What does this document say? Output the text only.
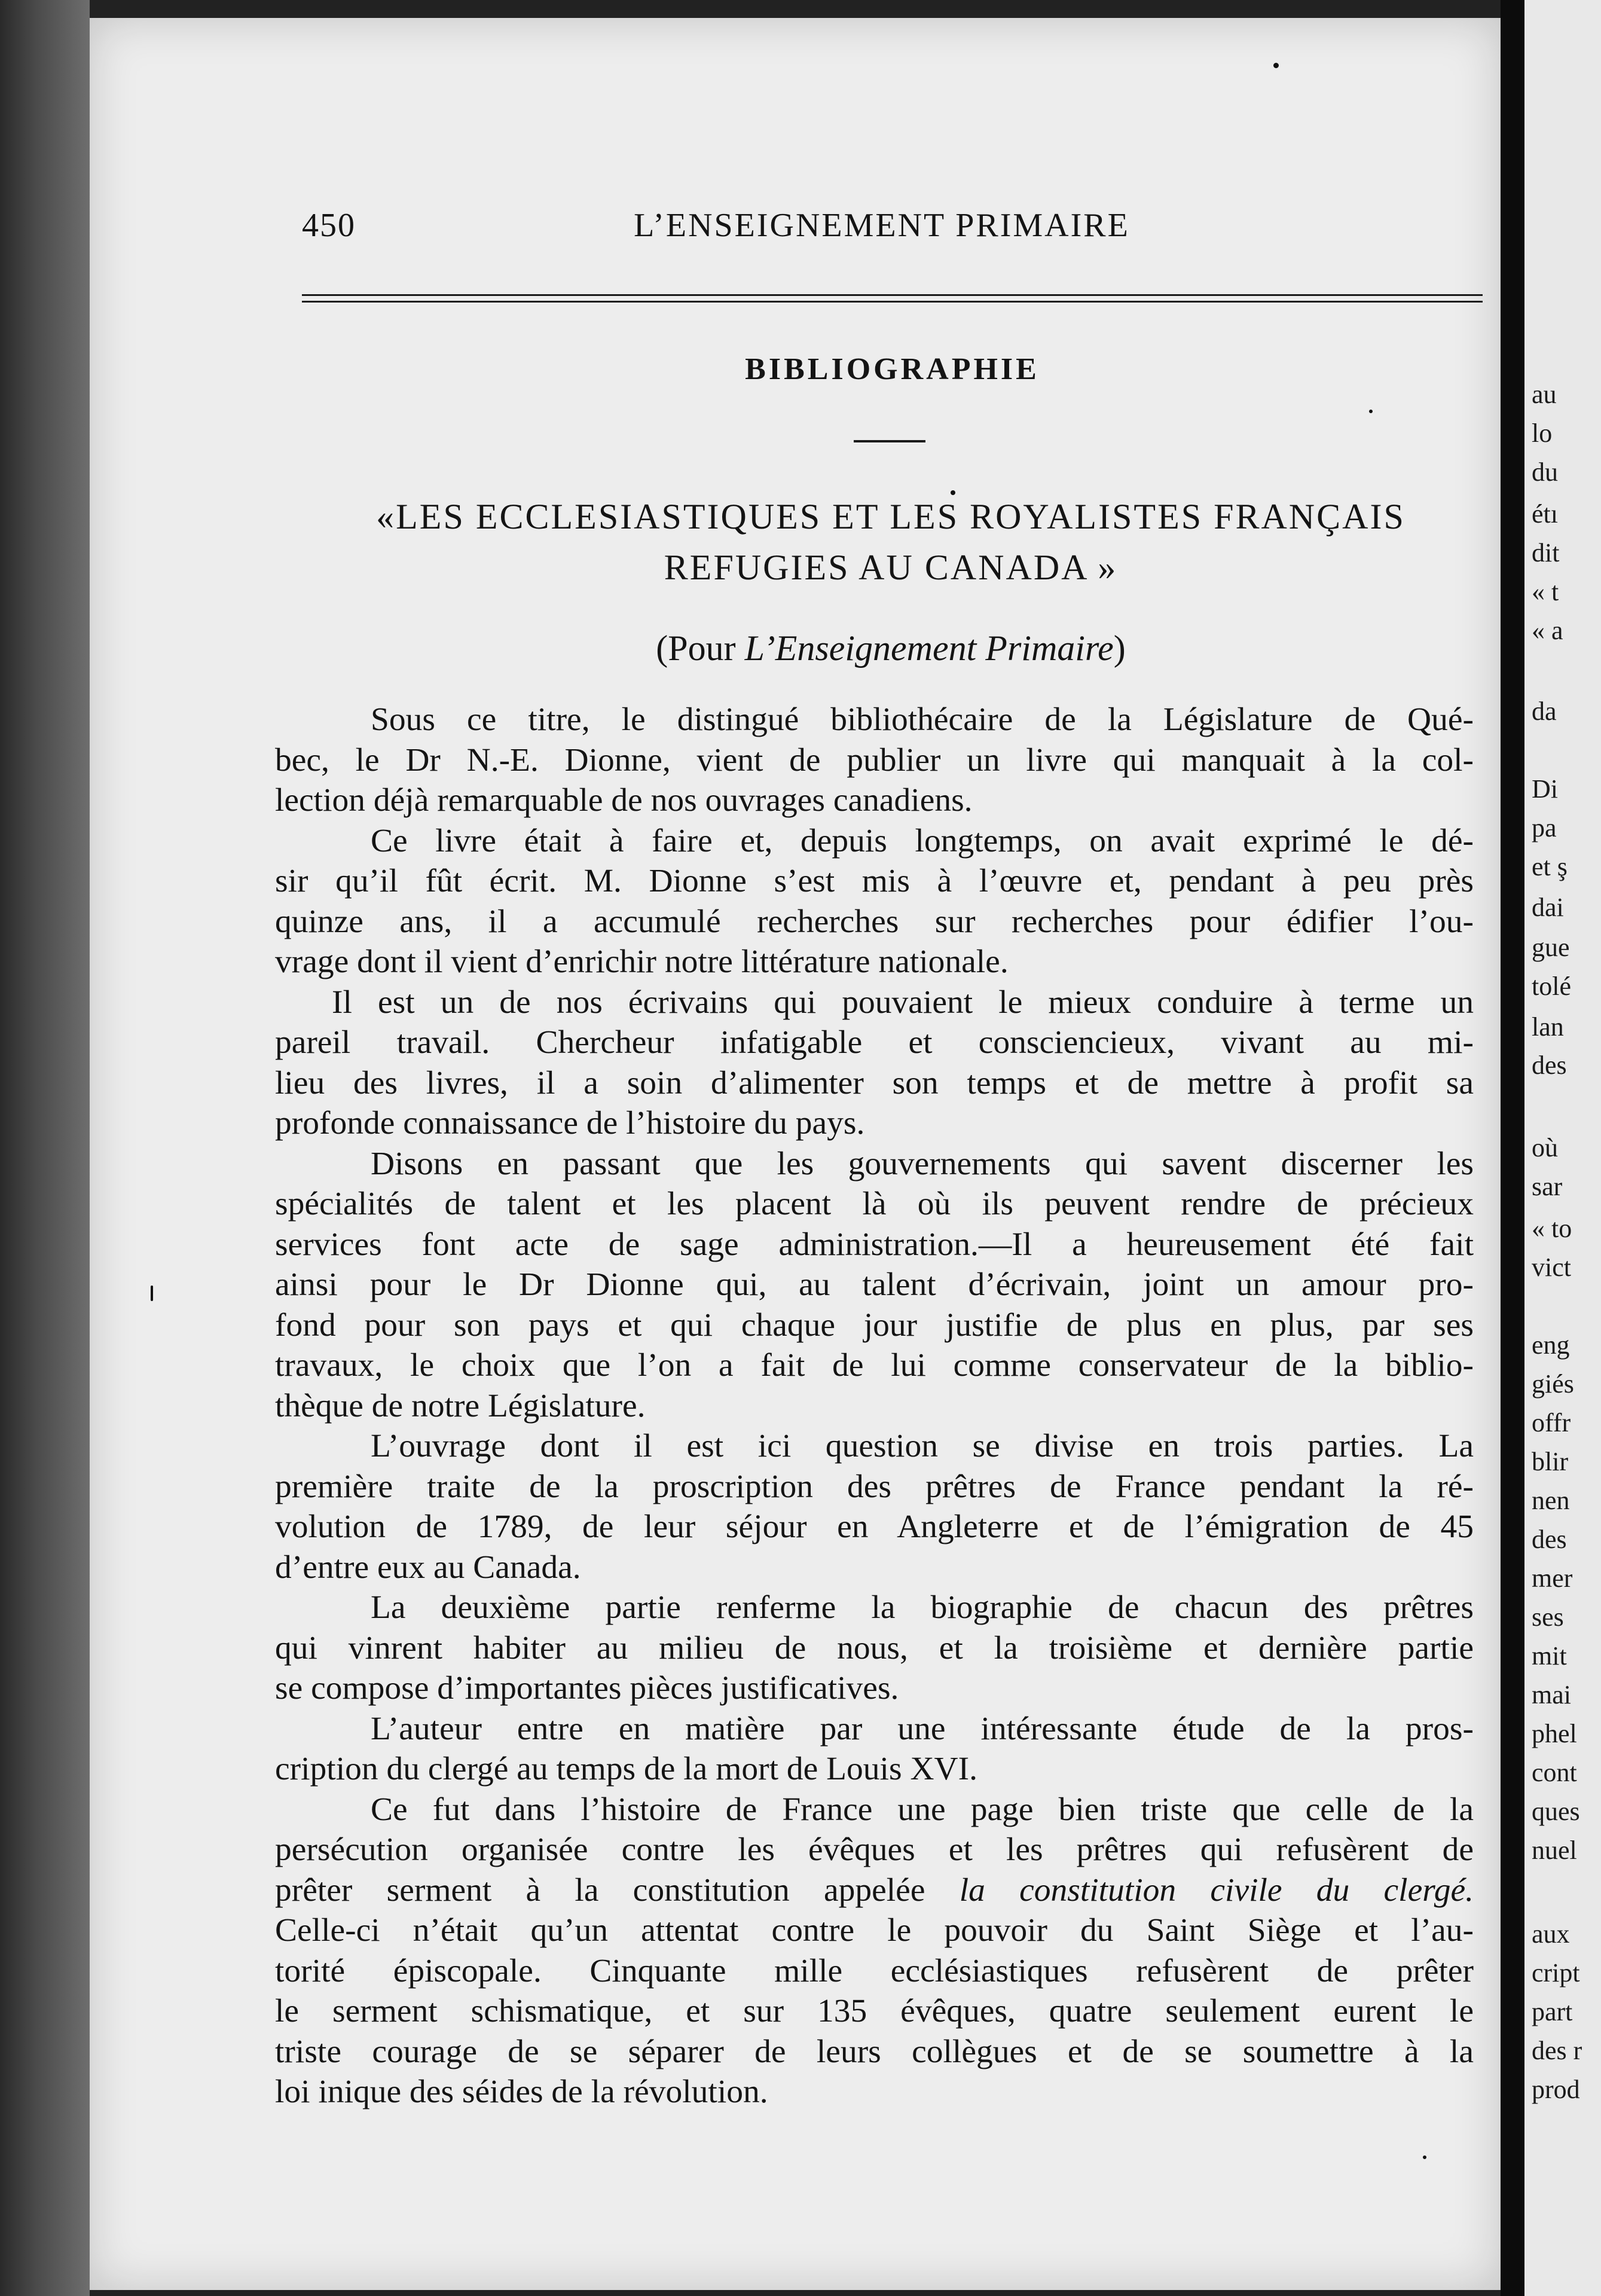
450	L’ENSEIGNEMENT PRIMAIRE
BIBLIOGRAPHIE
«LES ECCLESIASTIQUES ET LES ROYALISTES FRANÇAIS
REFUGIES AU CANADA »
(Pour L’Enseignement Primaire)
Sous ce titre, le distingué bibliothécaire de la Législature de Qué-
bec, le Dr N.-E. Dionne, vient de publier un livre qui manquait à la col-
lection déjà remarquable de nos ouvrages canadiens.
Ce livre était à faire et, depuis longtemps, on avait exprimé le dé-
sir qu’il fût écrit. M. Dionne s’est mis à l’œuvre et, pendant à peu près
quinze ans, il a accumulé recherches sur recherches pour édifier l’ou-
vrage dont il vient d’enrichir notre littérature nationale.
Il est un de nos écrivains qui pouvaient le mieux conduire à terme un
pareil travail. Chercheur infatigable et consciencieux, vivant au mi-
lieu des livres, il a soin d’alimenter son temps et de mettre à profit sa
profonde connaissance de l’histoire du pays.
Disons en passant que les gouvernements qui savent discerner les
spécialités de talent et les placent là où ils peuvent rendre de précieux
services font acte de sage administration.—Il a heureusement été fait
ainsi pour le Dr Dionne qui, au talent d’écrivain, joint un amour pro-
fond pour son pays et qui chaque jour justifie de plus en plus, par ses
travaux, le choix que l’on a fait de lui comme conservateur de la biblio-
thèque de notre Législature.
L’ouvrage dont il est ici question se divise en trois parties. La
première traite de la proscription des prêtres de France pendant la ré-
volution de 1789, de leur séjour en Angleterre et de l’émigration de 45
d’entre eux au Canada.
La deuxième partie renferme la biographie de chacun des prêtres
qui vinrent habiter au milieu de nous, et la troisième et dernière partie
se compose d’importantes pièces justificatives.
L’auteur entre en matière par une intéressante étude de la pros-
cription du clergé au temps de la mort de Louis XVI.
Ce fut dans l’histoire de France une page bien triste que celle de la
persécution organisée contre les évêques et les prêtres qui refusèrent de
prêter serment à la constitution appelée la constitution civile du clergé.
Celle-ci n’était qu’un attentat contre le pouvoir du Saint Siège et l’au-
torité épiscopale. Cinquante mille ecclésiastiques refusèrent de prêter
le serment schismatique, et sur 135 évêques, quatre seulement eurent le
triste courage de se séparer de leurs collègues et de se soumettre à la
loi inique des séides de la révolution.
au
lo
du
étı
dit
« t
« a
da
Di
pa
et ş
dai
gue
tolé
lan
des
où
sar
« to
vict
eng
giés
offr
blir
nen
des
mer
ses
mit
mai
phel
cont
ques
nuel
aux
cript
part
des r
prod
